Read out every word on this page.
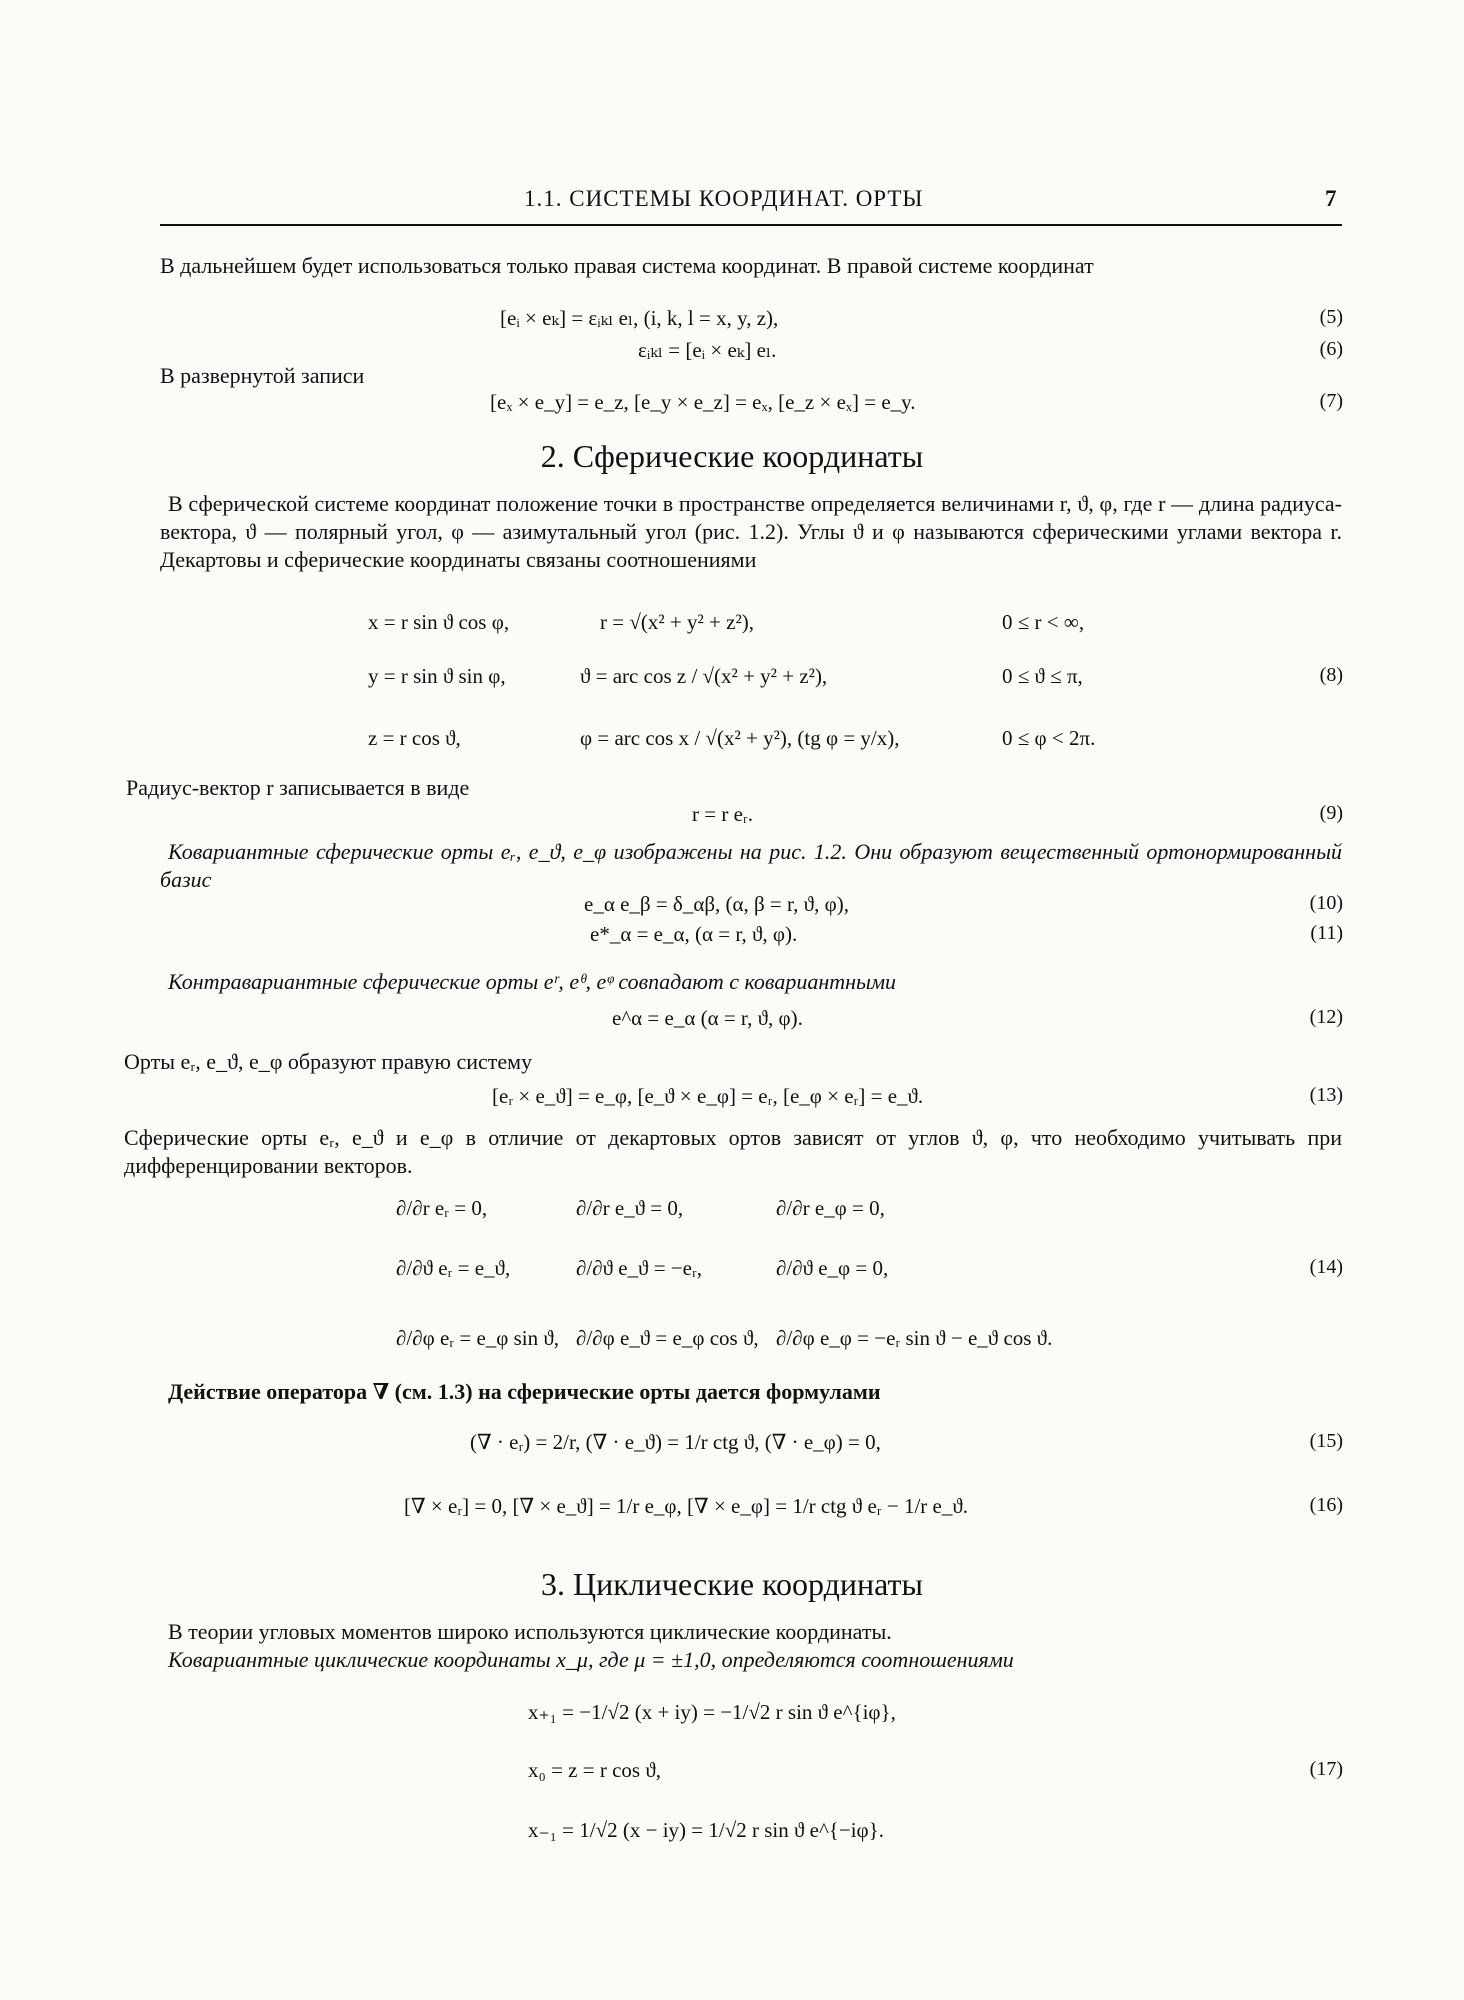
1.1. СИСТЕМЫ КООРДИНАТ. ОРТЫ	7
В дальнейшем будет использоваться только правая система координат. В правой системе координат
[eᵢ × eₖ] = εᵢₖₗ eₗ, (i, k, l = x, y, z),	(5)
εᵢₖₗ = [eᵢ × eₖ] eₗ.	(6)
В развернутой записи
[eₓ × e_y] = e_z, [e_y × e_z] = eₓ, [e_z × eₓ] = e_y.	(7)
2. Сферические координаты
В сферической системе координат положение точки в пространстве определяется величинами r, ϑ, φ, где r — длина радиуса-вектора, ϑ — полярный угол, φ — азимутальный угол (рис. 1.2). Углы ϑ и φ называются сферическими углами вектора r. Декартовы и сферические координаты связаны соотношениями
x = r sin ϑ cos φ,	r = √(x² + y² + z²),	0 ≤ r < ∞,
y = r sin ϑ sin φ,	ϑ = arc cos z / √(x² + y² + z²),	0 ≤ ϑ ≤ π,	(8)
z = r cos ϑ,	φ = arc cos x / √(x² + y²), (tg φ = y/x),	0 ≤ φ < 2π.
Радиус-вектор r записывается в виде
r = r eᵣ.	(9)
Ковариантные сферические орты eᵣ, e_ϑ, e_φ изображены на рис. 1.2. Они образуют вещественный ортонормированный базис
e_α e_β = δ_αβ, (α, β = r, ϑ, φ),	(10)
e*_α = e_α, (α = r, ϑ, φ).	(11)
Контравариантные сферические орты eʳ, eᶿ, eᵠ совпадают с ковариантными
e^α = e_α (α = r, ϑ, φ).	(12)
Орты eᵣ, e_ϑ, e_φ образуют правую систему
[eᵣ × e_ϑ] = e_φ, [e_ϑ × e_φ] = eᵣ, [e_φ × eᵣ] = e_ϑ.	(13)
Сферические орты eᵣ, e_ϑ и e_φ в отличие от декартовых ортов зависят от углов ϑ, φ, что необходимо учитывать при дифференцировании векторов.
∂/∂r eᵣ = 0,	∂/∂r e_ϑ = 0,	∂/∂r e_φ = 0,
∂/∂ϑ eᵣ = e_ϑ,	∂/∂ϑ e_ϑ = −eᵣ,	∂/∂ϑ e_φ = 0,	(14)
∂/∂φ eᵣ = e_φ sin ϑ, ∂/∂φ e_ϑ = e_φ cos ϑ, ∂/∂φ e_φ = −eᵣ sin ϑ − e_ϑ cos ϑ.
Действие оператора ∇ (см. 1.3) на сферические орты дается формулами
(∇ · eᵣ) = 2/r, (∇ · e_ϑ) = 1/r ctg ϑ, (∇ · e_φ) = 0,	(15)
[∇ × eᵣ] = 0, [∇ × e_ϑ] = 1/r e_φ, [∇ × e_φ] = 1/r ctg ϑ eᵣ − 1/r e_ϑ.	(16)
3. Циклические координаты
В теории угловых моментов широко используются циклические координаты.
Ковариантные циклические координаты x_μ, где μ = ±1,0, определяются соотношениями
x₊₁ = −1/√2 (x + iy) = −1/√2 r sin ϑ e^{iφ},
x₀ = z = r cos ϑ,	(17)
x₋₁ = 1/√2 (x − iy) = 1/√2 r sin ϑ e^{−iφ}.
